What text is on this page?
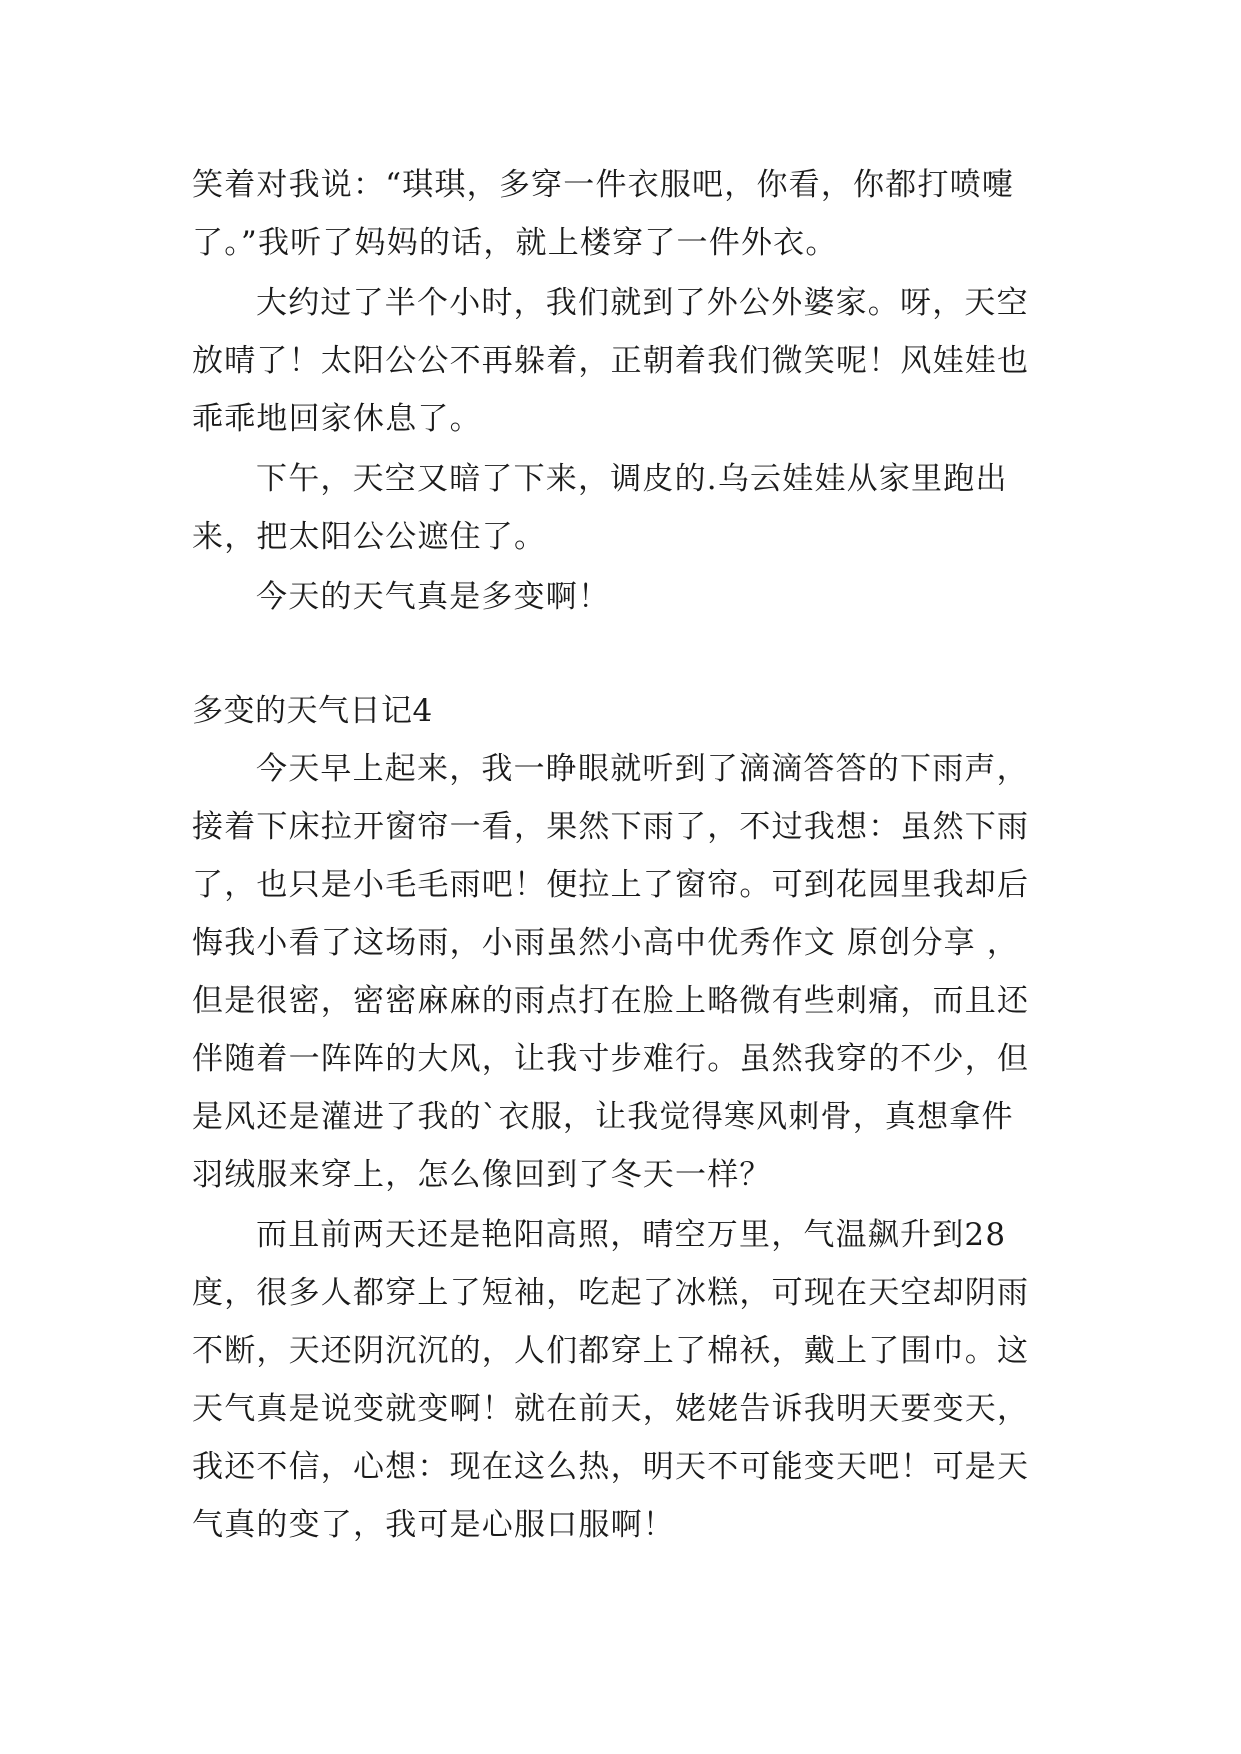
笑着对我说：“琪琪，多穿一件衣服吧，你看，你都打喷嚏
了。”我听了妈妈的话，就上楼穿了一件外衣。
大约过了半个小时，我们就到了外公外婆家。呀，天空
放晴了！太阳公公不再躲着，正朝着我们微笑呢！风娃娃也
乖乖地回家休息了。
下午，天空又暗了下来，调皮的.乌云娃娃从家里跑出
来，把太阳公公遮住了。
今天的天气真是多变啊！
多变的天气日记4
今天早上起来，我一睁眼就听到了滴滴答答的下雨声，
接着下床拉开窗帘一看，果然下雨了，不过我想：虽然下雨
了，也只是小毛毛雨吧！便拉上了窗帘。可到花园里我却后
悔我小看了这场雨，小雨虽然小高中优秀作文 原创分享 ，
但是很密，密密麻麻的雨点打在脸上略微有些刺痛，而且还
伴随着一阵阵的大风，让我寸步难行。虽然我穿的不少，但
是风还是灌进了我的`衣服，让我觉得寒风刺骨，真想拿件
羽绒服来穿上，怎么像回到了冬天一样？
而且前两天还是艳阳高照，晴空万里，气温飙升到28
度，很多人都穿上了短袖，吃起了冰糕，可现在天空却阴雨
不断，天还阴沉沉的，人们都穿上了棉袄，戴上了围巾。这
天气真是说变就变啊！就在前天，姥姥告诉我明天要变天，
我还不信，心想：现在这么热，明天不可能变天吧！可是天
气真的变了，我可是心服口服啊！
